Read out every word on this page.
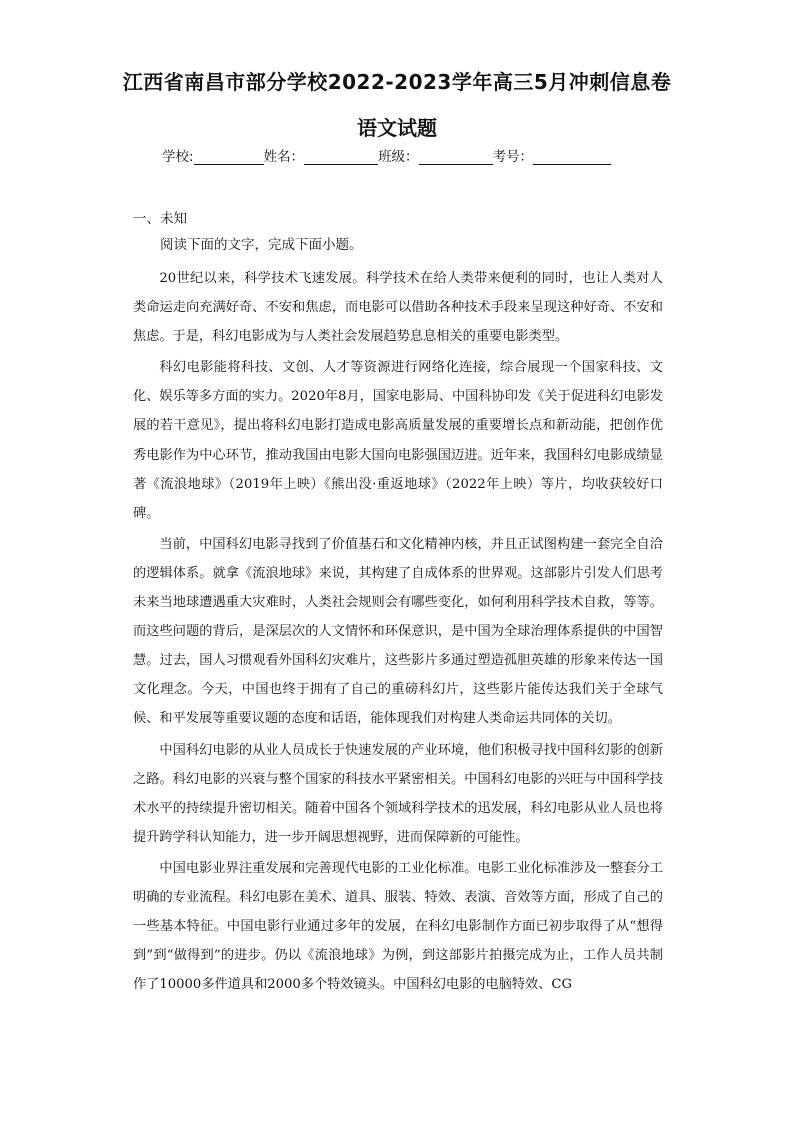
江西省南昌市部分学校2022-2023学年高三5月冲刺信息卷
语文试题
学校:	姓名：	班级：	考号：
一、未知
阅读下面的文字，完成下面小题。

20世纪以来，科学技术飞速发展。科学技术在给人类带来便利的同时，也让人类对人类命运走向充满好奇、不安和焦虑，而电影可以借助各种技术手段来呈现这种好奇、不安和焦虑。于是，科幻电影成为与人类社会发展趋势息息相关的重要电影类型。

科幻电影能将科技、文创、人才等资源进行网络化连接，综合展现一个国家科技、文化、娱乐等多方面的实力。2020年8月，国家电影局、中国科协印发《关于促进科幻电影发展的若干意见》，提出将科幻电影打造成电影高质量发展的重要增长点和新动能，把创作优秀电影作为中心环节，推动我国由电影大国向电影强国迈进。近年来，我国科幻电影成绩显著《流浪地球》（2019年上映）《熊出没·重返地球》（2022年上映）等片，均收获较好口碑。

当前，中国科幻电影寻找到了价值基石和文化精神内核，并且正试图构建一套完全自洽的逻辑体系。就拿《流浪地球》来说，其构建了自成体系的世界观。这部影片引发人们思考未来当地球遭遇重大灾难时，人类社会规则会有哪些变化，如何利用科学技术自救，等等。而这些问题的背后，是深层次的人文情怀和环保意识，是中国为全球治理体系提供的中国智慧。过去，国人习惯观看外国科幻灾难片，这些影片多通过塑造孤胆英雄的形象来传达一国文化理念。今天，中国也终于拥有了自己的重磅科幻片，这些影片能传达我们关于全球气候、和平发展等重要议题的态度和话语，能体现我们对构建人类命运共同体的关切。

中国科幻电影的从业人员成长于快速发展的产业环境，他们积极寻找中国科幻影的创新之路。科幻电影的兴衰与整个国家的科技水平紧密相关。中国科幻电影的兴旺与中国科学技术水平的持续提升密切相关。随着中国各个领域科学技术的迅发展，科幻电影从业人员也将提升跨学科认知能力，进一步开阔思想视野，进而保障新的可能性。

中国电影业界注重发展和完善现代电影的工业化标准。电影工业化标准涉及一整套分工明确的专业流程。科幻电影在美术、道具、服装、特效、表演、音效等方面，形成了自己的一些基本特征。中国电影行业通过多年的发展，在科幻电影制作方面已初步取得了从“想得到”到“做得到”的进步。仍以《流浪地球》为例，到这部影片拍摄完成为止，工作人员共制作了10000多件道具和2000多个特效镜头。中国科幻电影的电脑特效、CG
